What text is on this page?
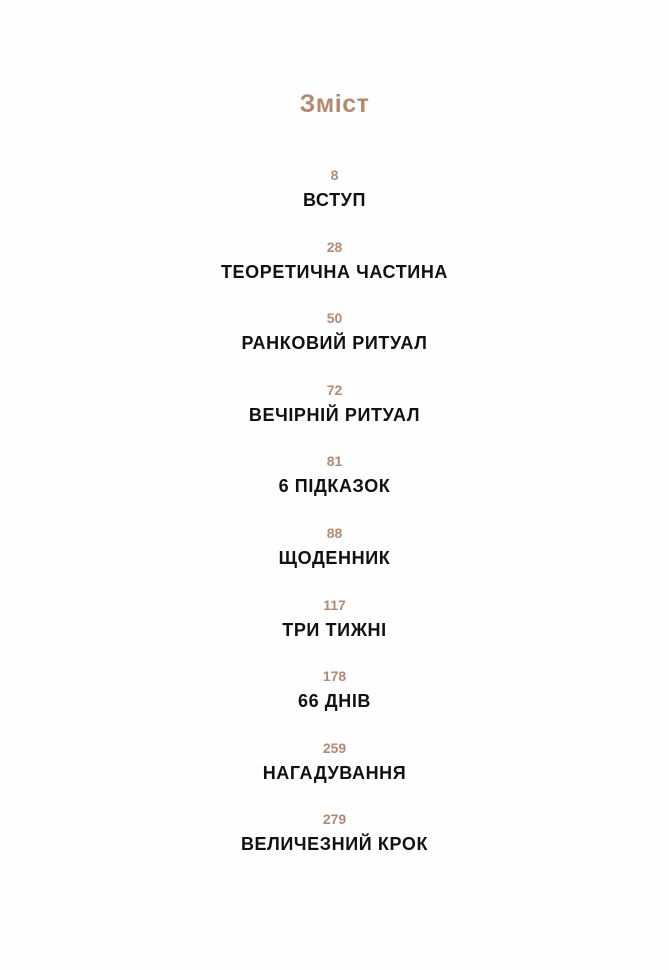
Зміст
8
ВСТУП
28
ТЕОРЕТИЧНА ЧАСТИНА
50
РАНКОВИЙ РИТУАЛ
72
ВЕЧІРНІЙ РИТУАЛ
81
6 ПІДКАЗОК
88
ЩОДЕННИК
117
ТРИ ТИЖНІ
178
66 ДНІВ
259
НАГАДУВАННЯ
279
ВЕЛИЧЕЗНИЙ КРОК
